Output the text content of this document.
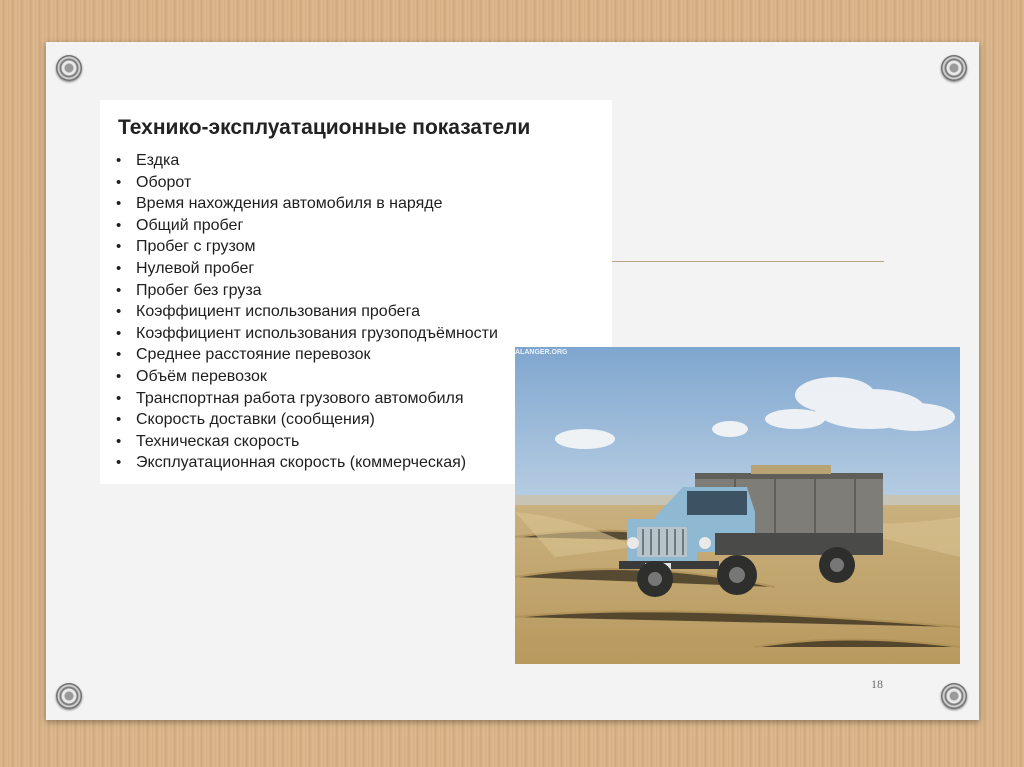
Технико-эксплуатационные показатели
• Ездка
• Оборот
• Время нахождения автомобиля в наряде
• Общий пробег
• Пробег с грузом
• Нулевой пробег
• Пробег без груза
• Коэффициент использования пробега
• Коэффициент использования грузоподъёмности
• Среднее расстояние перевозок
• Объём перевозок
• Транспортная работа грузового автомобиля
• Скорость доставки (сообщения)
• Техническая скорость
• Эксплуатационная скорость (коммерческая)
ALANGER.ORG
18
